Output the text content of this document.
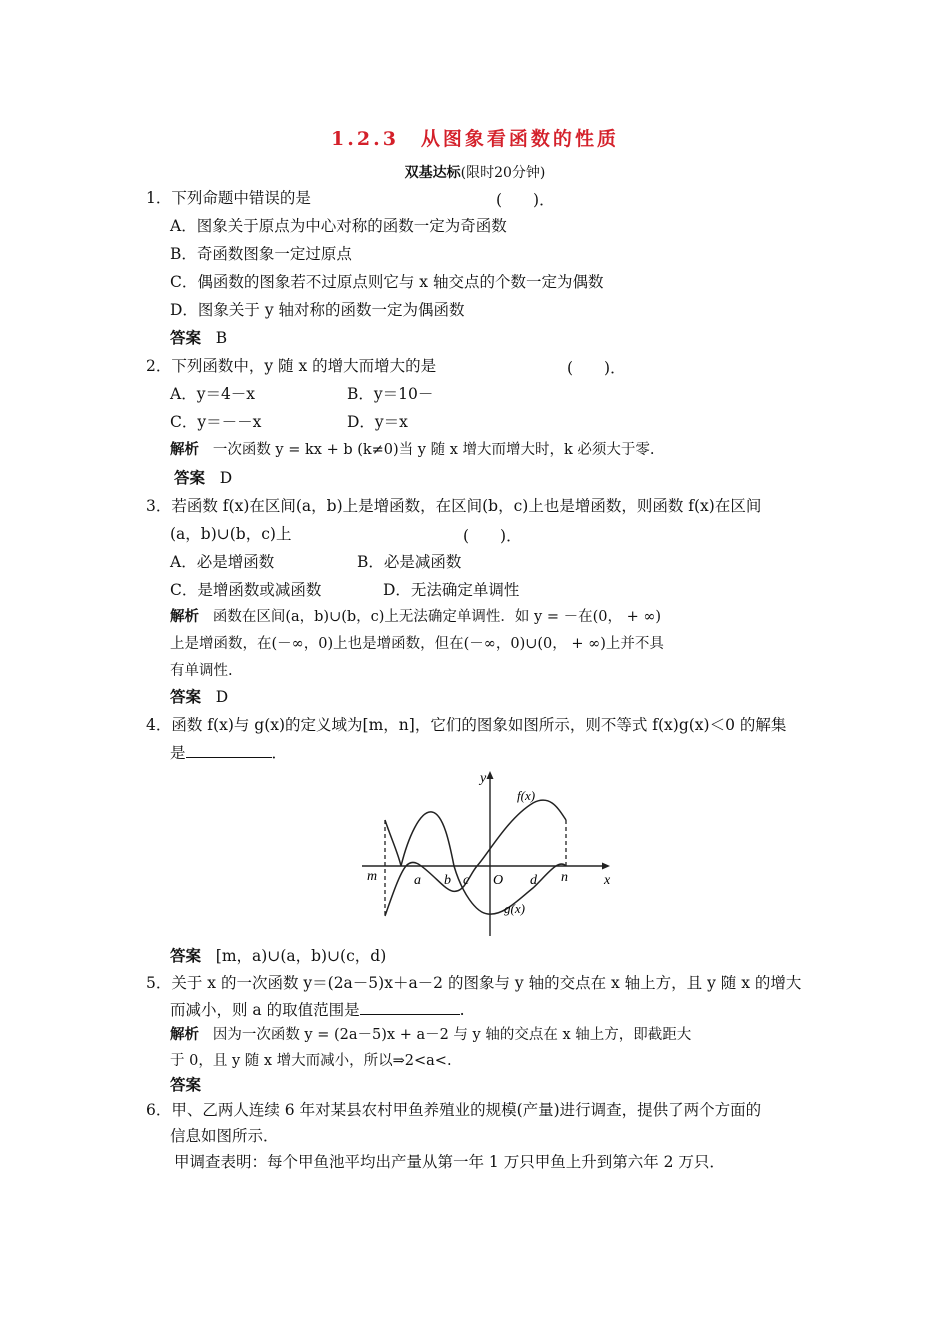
1.2.3　从图象看函数的性质
双基达标(限时20分钟)
1．下列命题中错误的是	(　　)．
A．图象关于原点为中心对称的函数一定为奇函数
B．奇函数图象一定过原点
C．偶函数的图象若不过原点则它与 x 轴交点的个数一定为偶数
D．图象关于 y 轴对称的函数一定为偶函数
答案 B
2．下列函数中，y 随 x 的增大而增大的是	(　　)．
A．y＝4－x	B．y＝10－
C．y＝－－x	D．y＝x
解析 一次函数 y = kx + b (k≠0)当 y 随 x 增大而增大时，k 必须大于零.
答案 D
3．若函数 f(x)在区间(a，b)上是增函数，在区间(b，c)上也是增函数，则函数 f(x)在区间
(a，b)∪(b，c)上	(　　)．
A．必是增函数	B．必是减函数
C．是增函数或减函数	D．无法确定单调性
解析 函数在区间(a，b)∪(b，c)上无法确定单调性．如 y = －在(0， + ∞)
上是增函数，在(－∞，0)上也是增函数，但在(－∞，0)∪(0， + ∞)上并不具
有单调性.
答案 D
4．函数 f(x)与 g(x)的定义域为[m，n]，它们的图象如图所示，则不等式 f(x)g(x)＜0 的解集
是	．
y
x
f(x)
g(x)
m	a b c O d n
答案 [m，a)∪(a，b)∪(c，d)
5．关于 x 的一次函数 y＝(2a－5)x＋a－2 的图象与 y 轴的交点在 x 轴上方，且 y 随 x 的增大
而减小，则 a 的取值范围是	.
解析 因为一次函数 y = (2a－5)x + a－2 与 y 轴的交点在 x 轴上方，即截距大
于 0，且 y 随 x 增大而减小，所以⇒2<a<.
答案
6．甲、乙两人连续 6 年对某县农村甲鱼养殖业的规模(产量)进行调查，提供了两个方面的
信息如图所示．
甲调查表明：每个甲鱼池平均出产量从第一年 1 万只甲鱼上升到第六年 2 万只．
